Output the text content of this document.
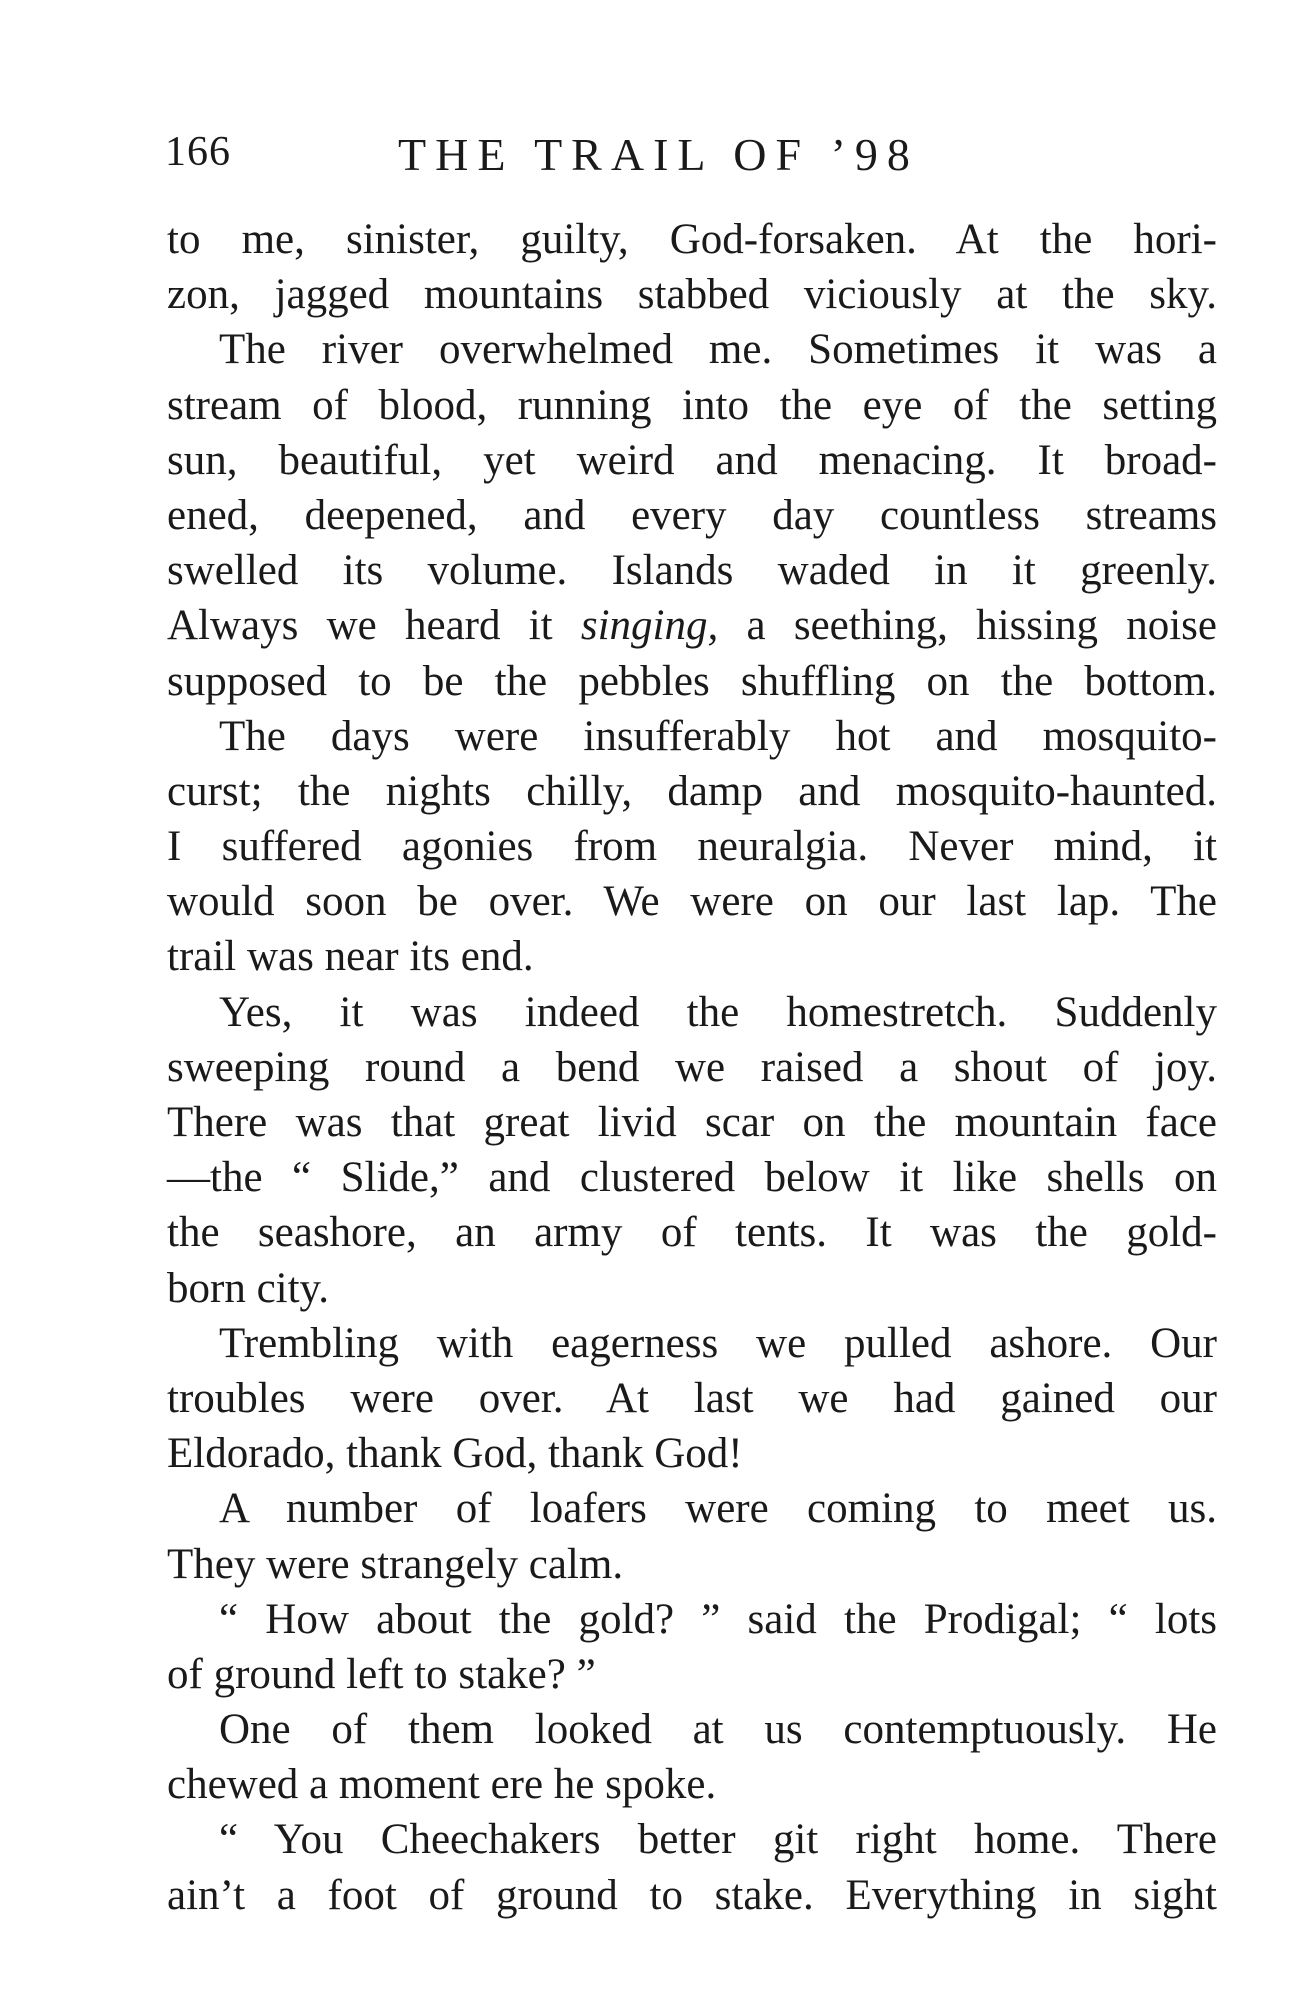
166	THE TRAIL OF ’98
to me, sinister, guilty, God-forsaken. At the hori-
zon, jagged mountains stabbed viciously at the sky.
The river overwhelmed me. Sometimes it was a
stream of blood, running into the eye of the setting
sun, beautiful, yet weird and menacing. It broad-
ened, deepened, and every day countless streams
swelled its volume. Islands waded in it greenly.
Always we heard it singing, a seething, hissing noise
supposed to be the pebbles shuffling on the bottom.
The days were insufferably hot and mosquito-
curst; the nights chilly, damp and mosquito-haunted.
I suffered agonies from neuralgia. Never mind, it
would soon be over. We were on our last lap. The
trail was near its end.
Yes, it was indeed the homestretch. Suddenly
sweeping round a bend we raised a shout of joy.
There was that great livid scar on the mountain face
—the “ Slide,” and clustered below it like shells on
the seashore, an army of tents. It was the gold-
born city.
Trembling with eagerness we pulled ashore. Our
troubles were over. At last we had gained our
Eldorado, thank God, thank God!
A number of loafers were coming to meet us.
They were strangely calm.
“ How about the gold? ” said the Prodigal; “ lots
of ground left to stake? ”
One of them looked at us contemptuously. He
chewed a moment ere he spoke.
“ You Cheechakers better git right home. There
ain’t a foot of ground to stake. Everything in sight
